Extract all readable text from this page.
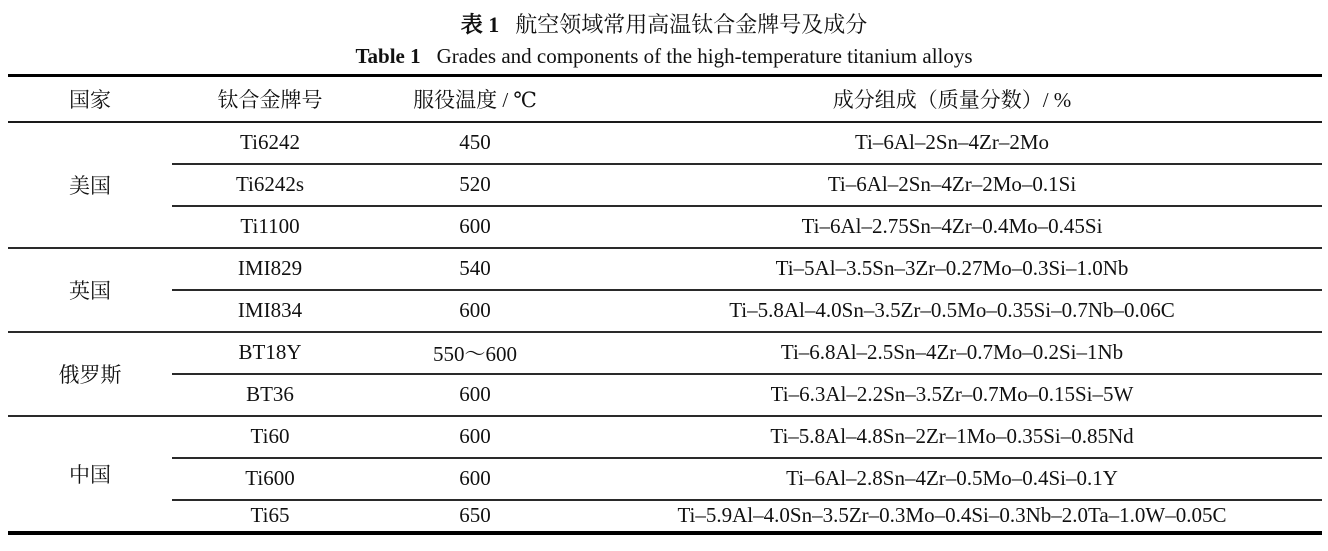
表 1 航空领域常用高温钛合金牌号及成分
Table 1 Grades and components of the high-temperature titanium alloys
国家	钛合金牌号	服役温度 / ℃	成分组成（质量分数）/ %
美国	Ti6242	450	Ti–6Al–2Sn–4Zr–2Mo
	Ti6242s	520	Ti–6Al–2Sn–4Zr–2Mo–0.1Si
	Ti1100	600	Ti–6Al–2.75Sn–4Zr–0.4Mo–0.45Si
英国	IMI829	540	Ti–5Al–3.5Sn–3Zr–0.27Mo–0.3Si–1.0Nb
	IMI834	600	Ti–5.8Al–4.0Sn–3.5Zr–0.5Mo–0.35Si–0.7Nb–0.06C
俄罗斯	BT18Y	550～600	Ti–6.8Al–2.5Sn–4Zr–0.7Mo–0.2Si–1Nb
	BT36	600	Ti–6.3Al–2.2Sn–3.5Zr–0.7Mo–0.15Si–5W
中国	Ti60	600	Ti–5.8Al–4.8Sn–2Zr–1Mo–0.35Si–0.85Nd
	Ti600	600	Ti–6Al–2.8Sn–4Zr–0.5Mo–0.4Si–0.1Y
	Ti65	650	Ti–5.9Al–4.0Sn–3.5Zr–0.3Mo–0.4Si–0.3Nb–2.0Ta–1.0W–0.05C
